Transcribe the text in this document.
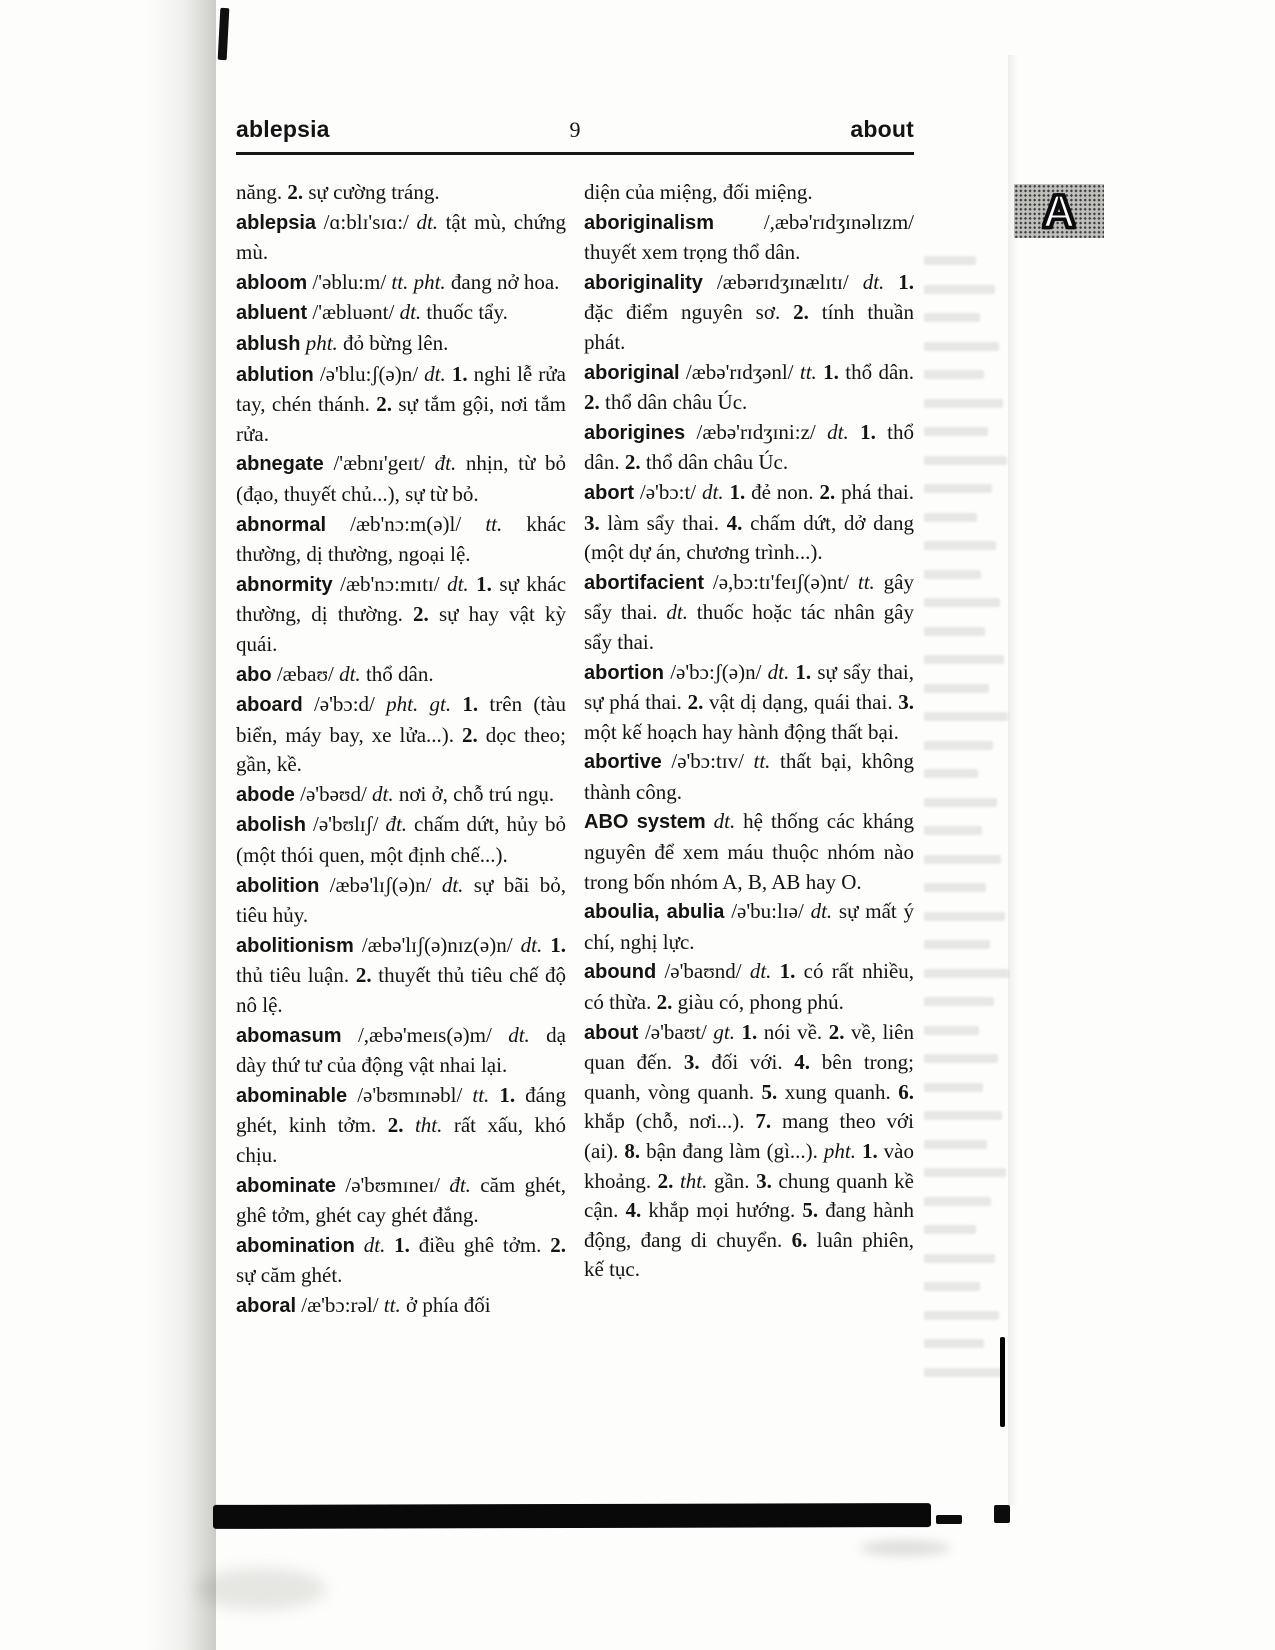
ablepsia	9	about

năng. 2. sự cường tráng.

ablepsia /ɑ:blɪ'sɪɑ:/ dt. tật mù, chứng mù.

abloom /'əblu:m/ tt. pht. đang nở hoa.

abluent /'æbluənt/ dt. thuốc tẩy.

ablush pht. đỏ bừng lên.

ablution /ə'blu:ʃ(ə)n/ dt. 1. nghi lễ rửa tay, chén thánh. 2. sự tắm gội, nơi tắm rửa.

abnegate /'æbnɪ'geɪt/ đt. nhịn, từ bỏ (đạo, thuyết chủ...), sự từ bỏ.

abnormal /æb'nɔ:m(ə)l/ tt. khác thường, dị thường, ngoại lệ.

abnormity /æb'nɔ:mɪtɪ/ dt. 1. sự khác thường, dị thường. 2. sự hay vật kỳ quái.

abo /æbaʊ/ dt. thổ dân.

aboard /ə'bɔ:d/ pht. gt. 1. trên (tàu biển, máy bay, xe lửa...). 2. dọc theo; gần, kề.

abode /ə'bəʊd/ dt. nơi ở, chỗ trú ngụ.

abolish /ə'bʊlɪʃ/ đt. chấm dứt, hủy bỏ (một thói quen, một định chế...).

abolition /æbə'lɪʃ(ə)n/ dt. sự bãi bỏ, tiêu hủy.

abolitionism /æbə'lɪʃ(ə)nɪz(ə)n/ dt. 1. thủ tiêu luận. 2. thuyết thủ tiêu chế độ nô lệ.

abomasum /,æbə'meɪs(ə)m/ dt. dạ dày thứ tư của động vật nhai lại.

abominable /ə'bʊmɪnəbl/ tt. 1. đáng ghét, kinh tởm. 2. tht. rất xấu, khó chịu.

abominate /ə'bʊmɪneɪ/ đt. căm ghét, ghê tởm, ghét cay ghét đắng.

abomination dt. 1. điều ghê tởm. 2. sự căm ghét.

aboral /æ'bɔ:rəl/ tt. ở phía đối

diện của miệng, đối miệng.

aboriginalism /,æbə'rɪdʒɪnəlɪzm/ thuyết xem trọng thổ dân.

aboriginality /æbərɪdʒɪnælɪtɪ/ dt. 1. đặc điểm nguyên sơ. 2. tính thuần phát.

aboriginal /æbə'rɪdʒənl/ tt. 1. thổ dân. 2. thổ dân châu Úc.

aborigines /æbə'rɪdʒɪni:z/ dt. 1. thổ dân. 2. thổ dân châu Úc.

abort /ə'bɔ:t/ dt. 1. đẻ non. 2. phá thai. 3. làm sẩy thai. 4. chấm dứt, dở dang (một dự án, chương trình...).

abortifacient /ə,bɔ:tɪ'feɪʃ(ə)nt/ tt. gây sẩy thai. dt. thuốc hoặc tác nhân gây sẩy thai.

abortion /ə'bɔ:ʃ(ə)n/ dt. 1. sự sẩy thai, sự phá thai. 2. vật dị dạng, quái thai. 3. một kế hoạch hay hành động thất bại.

abortive /ə'bɔ:tɪv/ tt. thất bại, không thành công.

ABO system dt. hệ thống các kháng nguyên để xem máu thuộc nhóm nào trong bốn nhóm A, B, AB hay O.

aboulia, abulia /ə'bu:lɪə/ dt. sự mất ý chí, nghị lực.

abound /ə'baʊnd/ dt. 1. có rất nhiều, có thừa. 2. giàu có, phong phú.

about /ə'baʊt/ gt. 1. nói về. 2. về, liên quan đến. 3. đối với. 4. bên trong; quanh, vòng quanh. 5. xung quanh. 6. khắp (chỗ, nơi...). 7. mang theo với (ai). 8. bận đang làm (gì...). pht. 1. vào khoảng. 2. tht. gần. 3. chung quanh kề cận. 4. khắp mọi hướng. 5. đang hành động, đang di chuyển. 6. luân phiên, kế tục.

A
